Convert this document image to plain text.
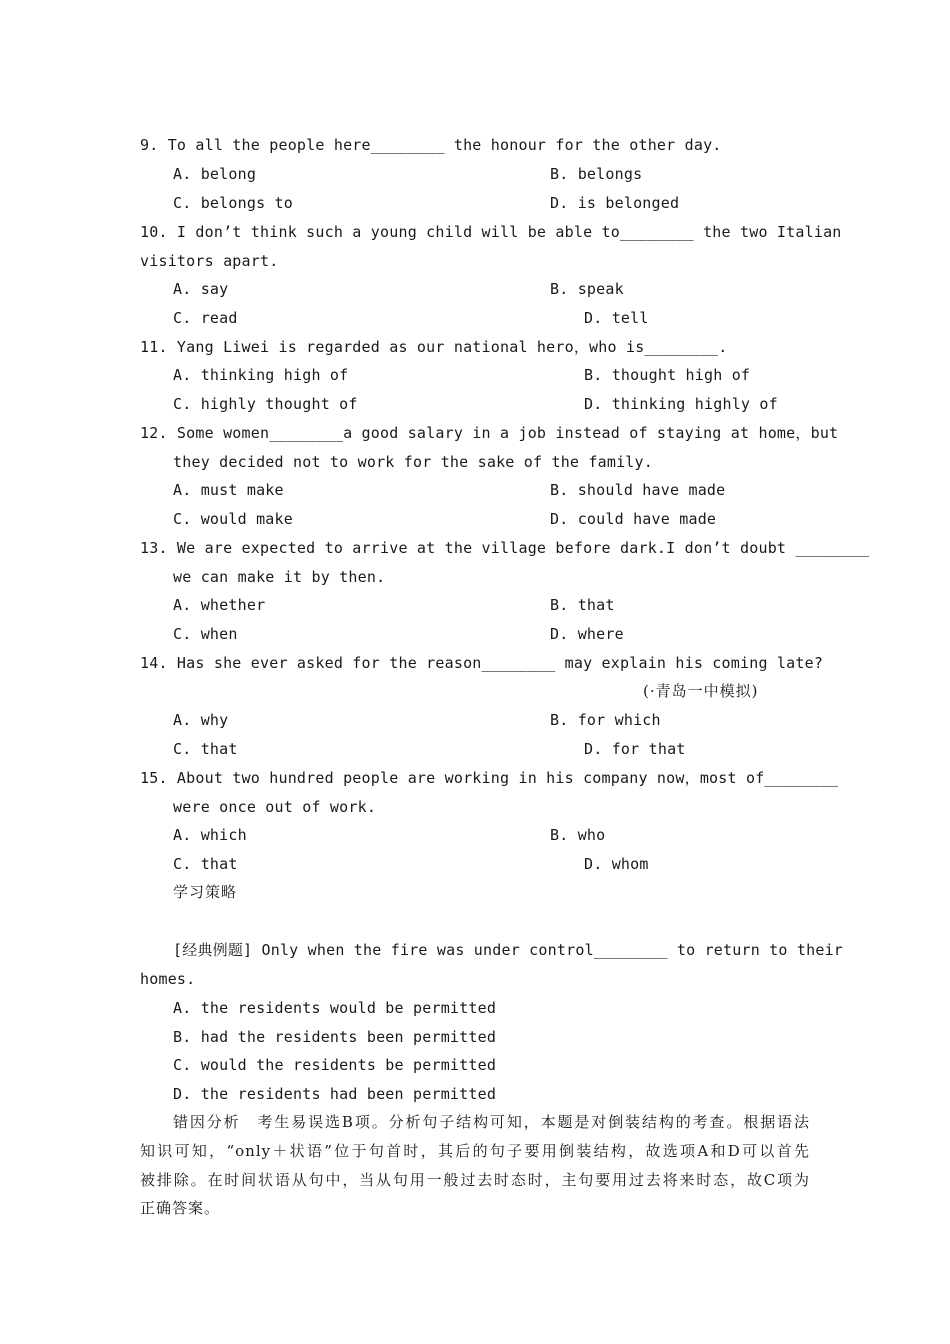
9. To all the people here________ the honour for the other day.
A. belong	B. belongs
C. belongs to	D. is belonged
10. I don’t think such a young child will be able to________ the two Italian
visitors apart.
A. say	B. speak
C. read	D. tell
11. Yang Liwei is regarded as our national hero，who is________.
A. thinking high of	B. thought high of
C. highly thought of	D. thinking highly of
12. Some women________a good salary in a job instead of staying at home，but
they decided not to work for the sake of the family.
A. must make	B. should have made
C. would make	D. could have made
13. We are expected to arrive at the village before dark.I don’t doubt ________
we can make it by then.
A. whether	B. that
C. when	D. where
14. Has she ever asked for the reason________ may explain his coming late?
(·青岛一中模拟)
A. why	B. for which
C. that	D. for that
15. About two hundred people are working in his company now，most of________
were once out of work.
A. which	B. who
C. that	D. whom
学习策略
[经典例题] Only when the fire was under control________ to return to their
homes.
A. the residents would be permitted
B. had the residents been permitted
C. would the residents be permitted
D. the residents had been permitted
错因分析　考生易误选B项。分析句子结构可知，本题是对倒装结构的考查。根据语法
知识可知，“only＋状语”位于句首时，其后的句子要用倒装结构，故选项A和D可以首先
被排除。在时间状语从句中，当从句用一般过去时态时，主句要用过去将来时态，故C项为
正确答案。
